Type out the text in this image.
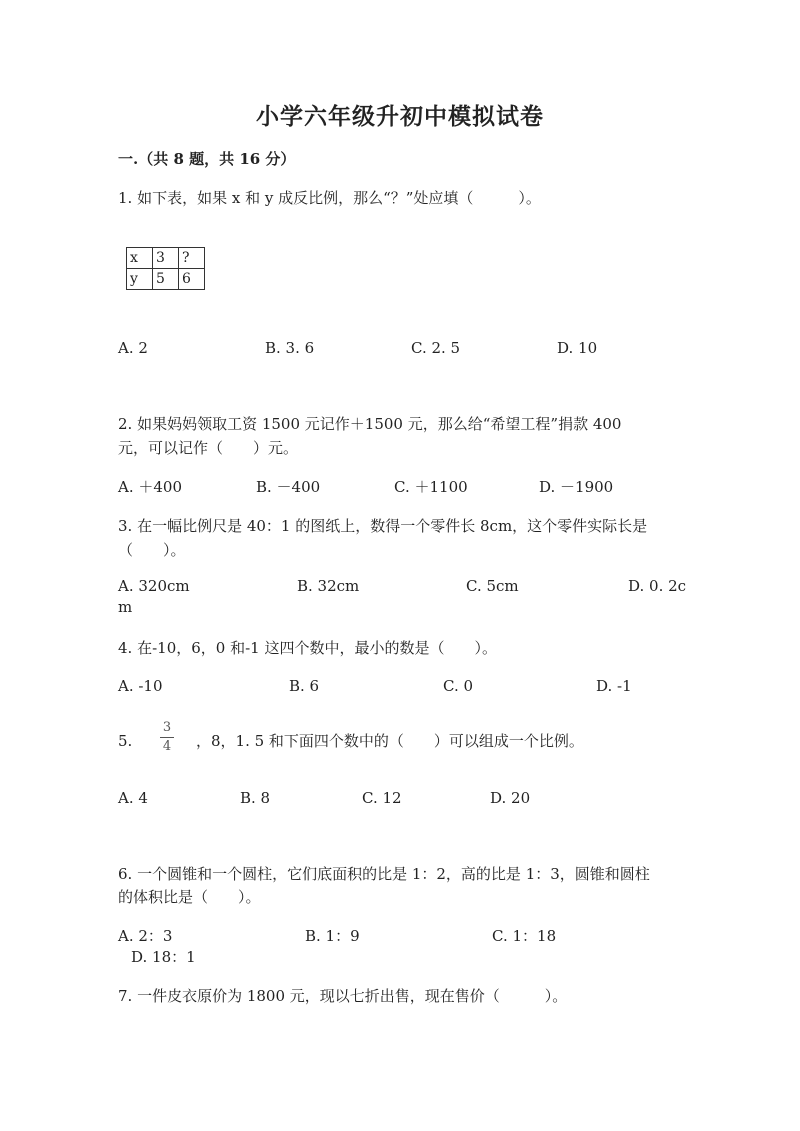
小学六年级升初中模拟试卷
一.（共 8 题，共 16 分）
1. 如下表，如果 x 和 y 成反比例，那么“？”处应填（　　　）。
x	3	?
y	5	6
A. 2	B. 3. 6	C. 2. 5	D. 10
2. 如果妈妈领取工资 1500 元记作＋1500 元，那么给“希望工程”捐款 400
元，可以记作（　　）元。
A. ＋400	B. －400	C. ＋1100	D. －1900
3. 在一幅比例尺是 40：1 的图纸上，数得一个零件长 8cm，这个零件实际长是
（　　）。
A. 320cm	B. 32cm	C. 5cm	D. 0. 2c
m
4. 在-10，6，0 和-1 这四个数中，最小的数是（　　）。
A. -10	B. 6	C. 0	D. -1
5.
3
4 ，8，1. 5 和下面四个数中的（　　）可以组成一个比例。
A. 4	B. 8	C. 12	D. 20
6. 一个圆锥和一个圆柱，它们底面积的比是 1：2，高的比是 1：3，圆锥和圆柱
的体积比是（　　）。
A. 2：3	B. 1：9	C. 1：18
D. 18：1
7. 一件皮衣原价为 1800 元，现以七折出售，现在售价（　　　）。
